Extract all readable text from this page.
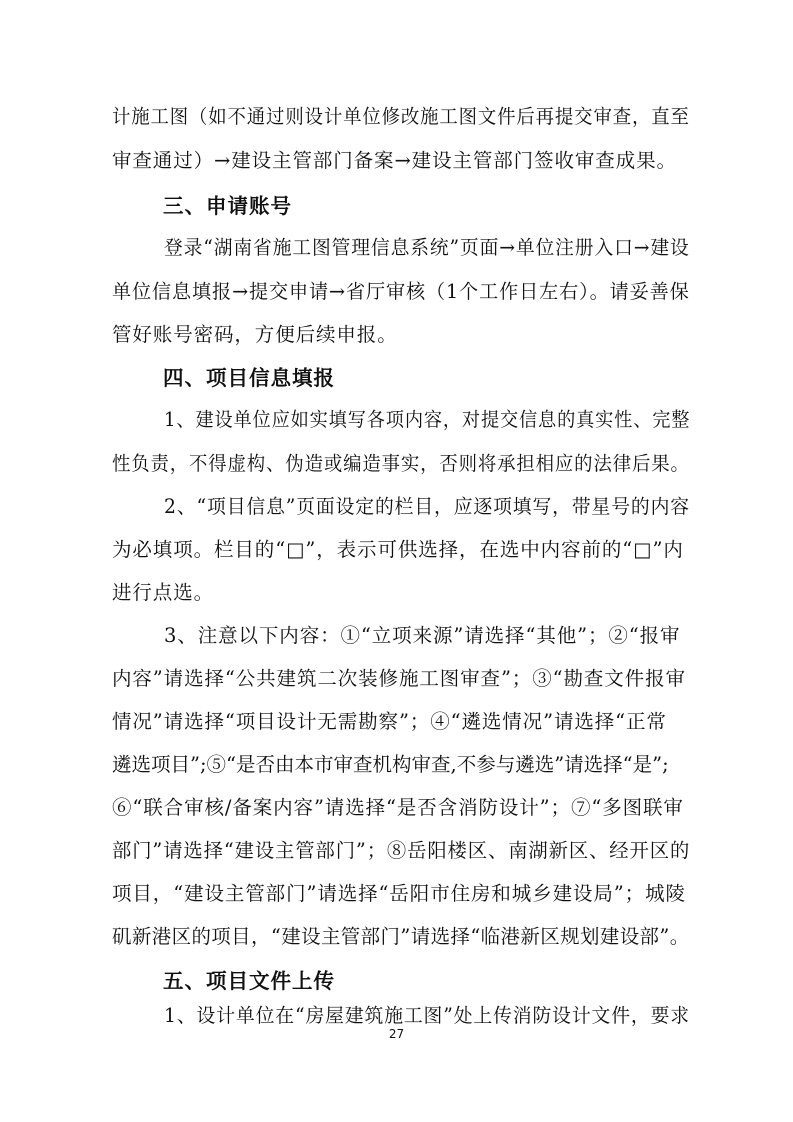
计施工图（如不通过则设计单位修改施工图文件后再提交审查，直至
审查通过）→建设主管部门备案→建设主管部门签收审查成果。
三、申请账号
登录“湖南省施工图管理信息系统”页面→单位注册入口→建设
单位信息填报→提交申请→省厅审核（1个工作日左右）。请妥善保
管好账号密码，方便后续申报。
四、项目信息填报
1、建设单位应如实填写各项内容，对提交信息的真实性、完整
性负责，不得虚构、伪造或编造事实，否则将承担相应的法律后果。
2、“项目信息”页面设定的栏目，应逐项填写，带星号的内容
为必填项。栏目的“□”，表示可供选择，在选中内容前的“□”内
进行点选。
3、注意以下内容：①“立项来源”请选择“其他”；②“报审
内容”请选择“公共建筑二次装修施工图审查”；③“勘查文件报审
情况”请选择“项目设计无需勘察”；④“遴选情况”请选择“正常
遴选项目”;⑤“是否由本市审查机构审查,不参与遴选”请选择“是”;
⑥“联合审核/备案内容”请选择“是否含消防设计”；⑦“多图联审
部门”请选择“建设主管部门”；⑧岳阳楼区、南湖新区、经开区的
项目，“建设主管部门”请选择“岳阳市住房和城乡建设局”；城陵
矶新港区的项目，“建设主管部门”请选择“临港新区规划建设部”。
五、项目文件上传
1、设计单位在“房屋建筑施工图”处上传消防设计文件，要求
27
